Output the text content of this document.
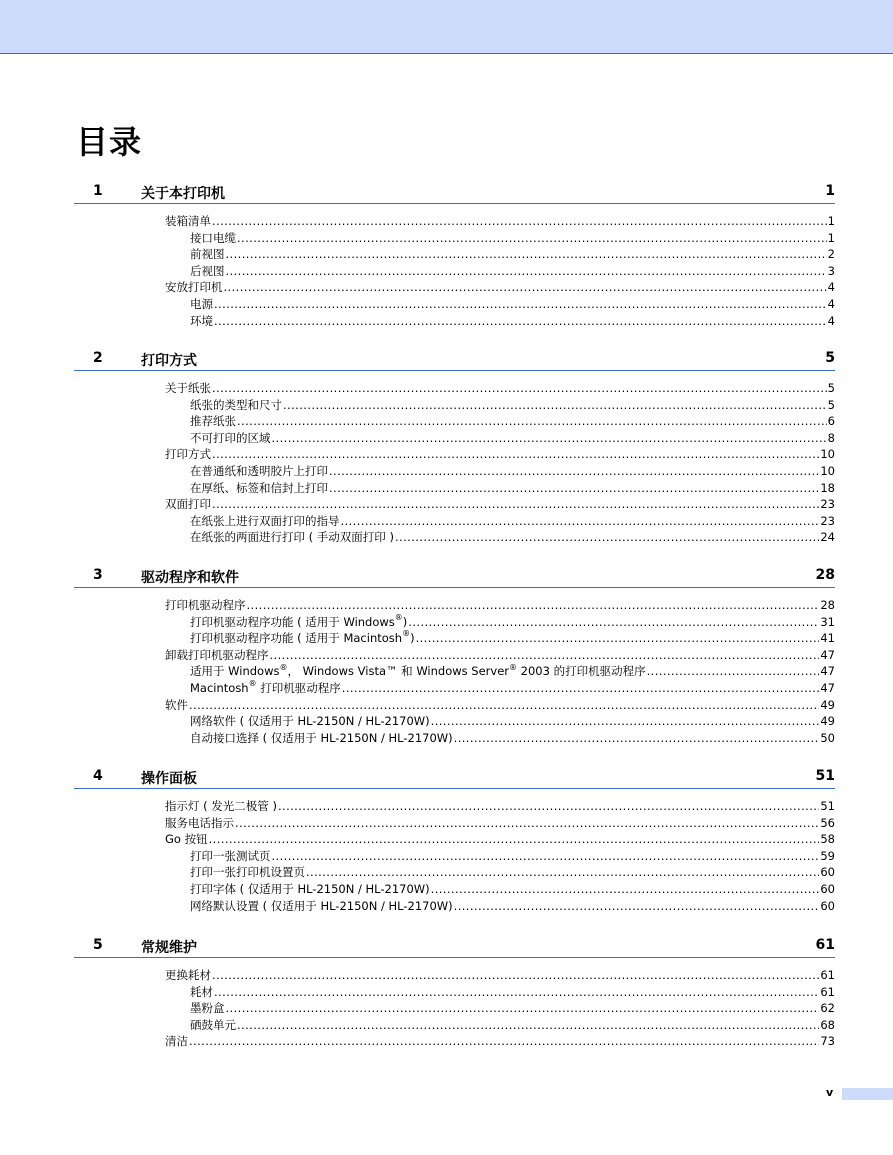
目录
1	关于本打印机	1
装箱清单 .....	1
接口电缆 .....	1
前视图 .....	2
后视图 .....	3
安放打印机 .....	4
电源 .....	4
环境 .....	4
2	打印方式	5
关于纸张 .....	5
纸张的类型和尺寸 .....	5
推荐纸张 .....	6
不可打印的区域 .....	8
打印方式 .....	10
在普通纸和透明胶片上打印 .....	10
在厚纸、标签和信封上打印 .....	18
双面打印 .....	23
在纸张上进行双面打印的指导 .....	23
在纸张的两面进行打印 ( 手动双面打印 ) .....	24
3	驱动程序和软件	28
打印机驱动程序 .....	28
打印机驱动程序功能 ( 适用于 Windows®) .....	31
打印机驱动程序功能 ( 适用于 Macintosh®) .....	41
卸载打印机驱动程序 .....	47
适用于 Windows®， Windows Vista™ 和 Windows Server® 2003 的打印机驱动程序 .....	47
Macintosh® 打印机驱动程序 .....	47
软件 .....	49
网络软件 ( 仅适用于 HL-2150N / HL-2170W) .....	49
自动接口选择 ( 仅适用于 HL-2150N / HL-2170W) .....	50
4	操作面板	51
指示灯 ( 发光二极管 ) .....	51
服务电话指示 .....	56
Go 按钮 .....	58
打印一张测试页 .....	59
打印一张打印机设置页 .....	60
打印字体 ( 仅适用于 HL-2150N / HL-2170W) .....	60
网络默认设置 ( 仅适用于 HL-2150N / HL-2170W) .....	60
5	常规维护	61
更换耗材 .....	61
耗材 .....	61
墨粉盒 .....	62
硒鼓单元 .....	68
清洁 .....	73
v
